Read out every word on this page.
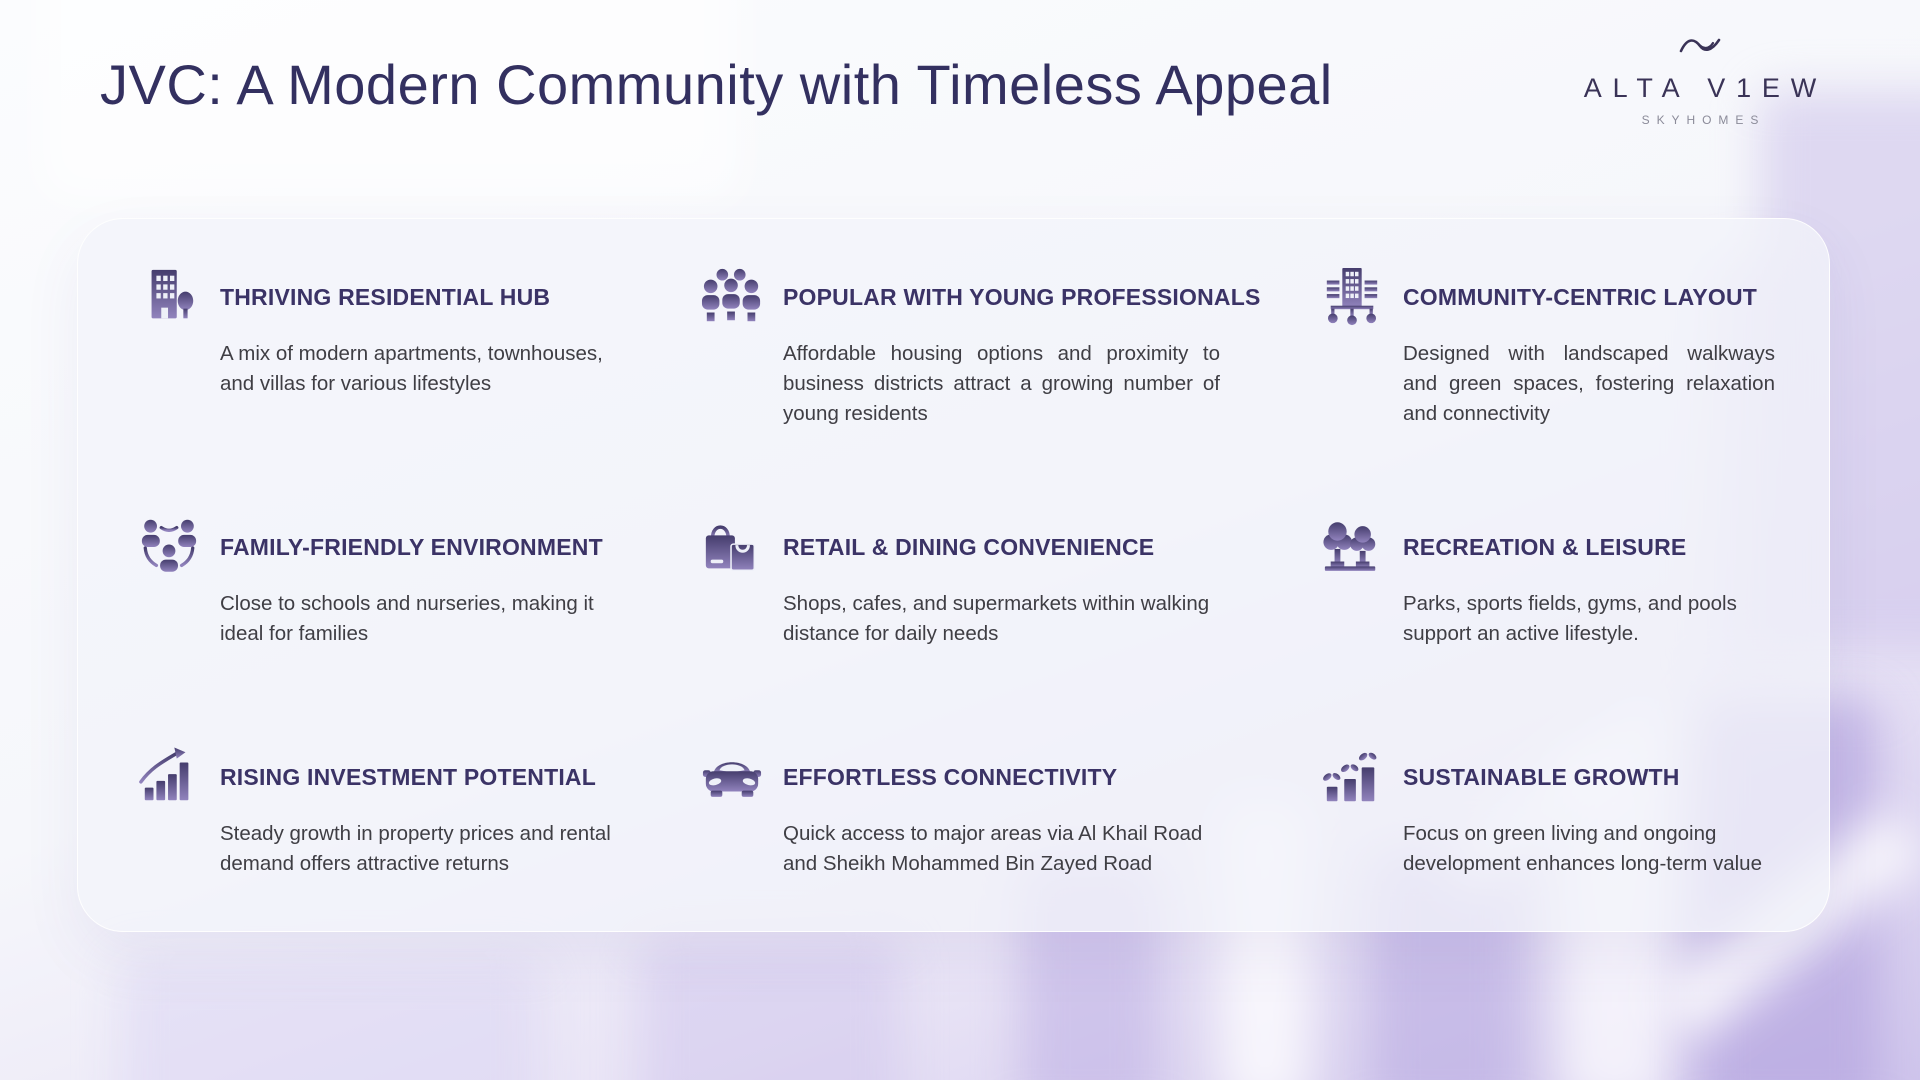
JVC: A Modern Community with Timeless Appeal	ALTA V1EW
SKYHOMES
THRIVING RESIDENTIAL HUB

A mix of modern apartments, townhouses, and villas for various lifestyles

POPULAR WITH YOUNG PROFESSIONALS

Affordable housing options and proximity to business districts attract a growing number of young residents

COMMUNITY-CENTRIC LAYOUT

Designed with landscaped walkways and green spaces, fostering relaxation and connectivity

FAMILY-FRIENDLY ENVIRONMENT

Close to schools and nurseries, making it ideal for families

RETAIL & DINING CONVENIENCE

Shops, cafes, and supermarkets within walking distance for daily needs

RECREATION & LEISURE

Parks, sports fields, gyms, and pools support an active lifestyle.

RISING INVESTMENT POTENTIAL

Steady growth in property prices and rental demand offers attractive returns

EFFORTLESS CONNECTIVITY

Quick access to major areas via Al Khail Road and Sheikh Mohammed Bin Zayed Road

SUSTAINABLE GROWTH

Focus on green living and ongoing development enhances long-term value
